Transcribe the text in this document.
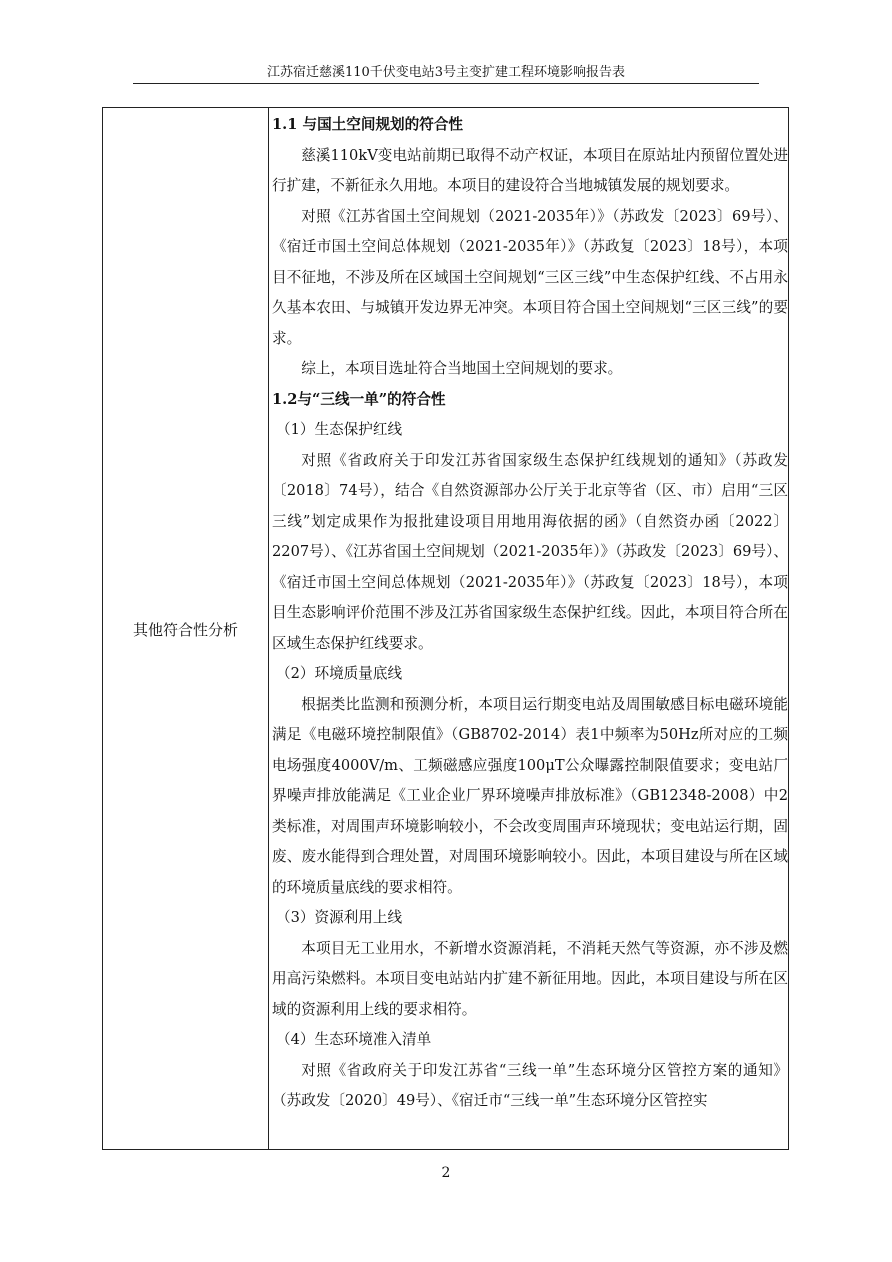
江苏宿迁慈溪110千伏变电站3号主变扩建工程环境影响报告表
其他符合性分析

1.1 与国土空间规划的符合性

慈溪110kV变电站前期已取得不动产权证，本项目在原站址内预留位置处进行扩建，不新征永久用地。本项目的建设符合当地城镇发展的规划要求。

对照《江苏省国土空间规划（2021-2035年）》（苏政发〔2023〕69号）、《宿迁市国土空间总体规划（2021-2035年）》（苏政复〔2023〕18号），本项目不征地，不涉及所在区域国土空间规划“三区三线”中生态保护红线、不占用永久基本农田、与城镇开发边界无冲突。本项目符合国土空间规划“三区三线”的要求。

综上，本项目选址符合当地国土空间规划的要求。

1.2与“三线一单”的符合性

（1）生态保护红线

对照《省政府关于印发江苏省国家级生态保护红线规划的通知》（苏政发〔2018〕74号），结合《自然资源部办公厅关于北京等省（区、市）启用“三区三线”划定成果作为报批建设项目用地用海依据的函》（自然资办函〔2022〕2207号）、《江苏省国土空间规划（2021-2035年）》（苏政发〔2023〕69号）、《宿迁市国土空间总体规划（2021-2035年）》（苏政复〔2023〕18号），本项目生态影响评价范围不涉及江苏省国家级生态保护红线。因此，本项目符合所在区域生态保护红线要求。

（2）环境质量底线

根据类比监测和预测分析，本项目运行期变电站及周围敏感目标电磁环境能满足《电磁环境控制限值》（GB8702-2014）表1中频率为50Hz所对应的工频电场强度4000V/m、工频磁感应强度100μT公众曝露控制限值要求；变电站厂界噪声排放能满足《工业企业厂界环境噪声排放标准》（GB12348-2008）中2类标准，对周围声环境影响较小，不会改变周围声环境现状；变电站运行期，固废、废水能得到合理处置，对周围环境影响较小。因此，本项目建设与所在区域的环境质量底线的要求相符。

（3）资源利用上线

本项目无工业用水，不新增水资源消耗，不消耗天然气等资源，亦不涉及燃用高污染燃料。本项目变电站站内扩建不新征用地。因此，本项目建设与所在区域的资源利用上线的要求相符。

（4）生态环境准入清单

对照《省政府关于印发江苏省“三线一单”生态环境分区管控方案的通知》（苏政发〔2020〕49号）、《宿迁市“三线一单”生态环境分区管控实

2
